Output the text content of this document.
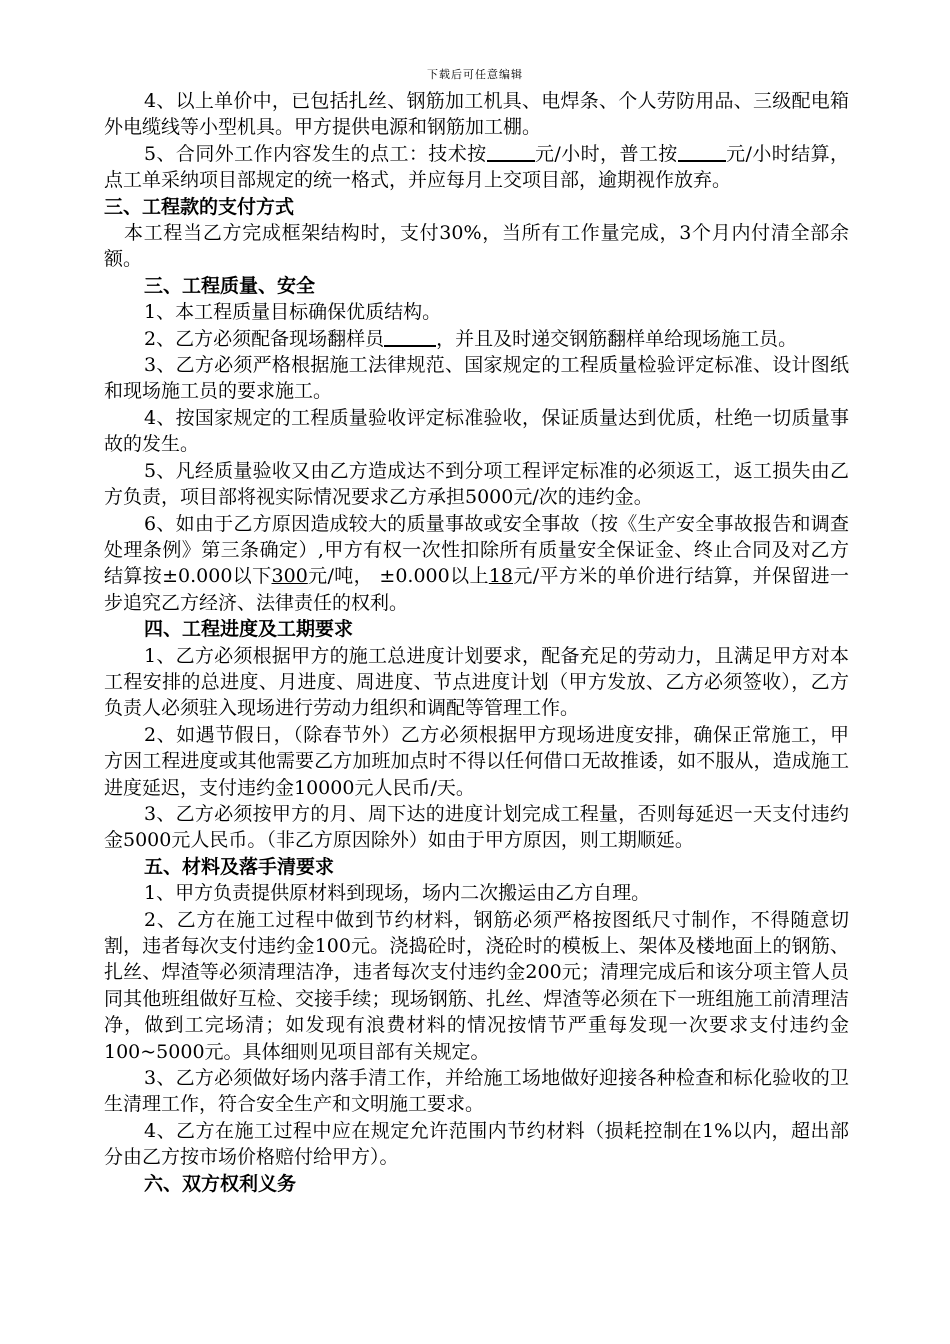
下载后可任意编辑

4、以上单价中，已包括扎丝、钢筋加工机具、电焊条、个人劳防用品、三级配电箱外电缆线等小型机具。甲方提供电源和钢筋加工棚。

5、合同外工作内容发生的点工：技术按	元/小时，普工按	元/小时结算，点工单采纳项目部规定的统一格式，并应每月上交项目部，逾期视作放弃。

三、工程款的支付方式

本工程当乙方完成框架结构时，支付30%，当所有工作量完成，3个月内付清全部余额。

三、工程质量、安全

1、本工程质量目标确保优质结构。

2、乙方必须配备现场翻样员	，并且及时递交钢筋翻样单给现场施工员。

3、乙方必须严格根据施工法律规范、国家规定的工程质量检验评定标准、设计图纸和现场施工员的要求施工。

4、按国家规定的工程质量验收评定标准验收，保证质量达到优质，杜绝一切质量事故的发生。

5、凡经质量验收又由乙方造成达不到分项工程评定标准的必须返工，返工损失由乙方负责，项目部将视实际情况要求乙方承担5000元/次的违约金。

6、如由于乙方原因造成较大的质量事故或安全事故（按《生产安全事故报告和调查处理条例》第三条确定）,甲方有权一次性扣除所有质量安全保证金、终止合同及对乙方结算按±0.000以下300元/吨， ±0.000以上18元/平方米的单价进行结算，并保留进一步追究乙方经济、法律责任的权利。

四、工程进度及工期要求

1、乙方必须根据甲方的施工总进度计划要求，配备充足的劳动力，且满足甲方对本工程安排的总进度、月进度、周进度、节点进度计划（甲方发放、乙方必须签收），乙方负责人必须驻入现场进行劳动力组织和调配等管理工作。

2、如遇节假日，（除春节外）乙方必须根据甲方现场进度安排，确保正常施工，甲方因工程进度或其他需要乙方加班加点时不得以任何借口无故推诿，如不服从，造成施工进度延迟，支付违约金10000元人民币/天。

3、乙方必须按甲方的月、周下达的进度计划完成工程量，否则每延迟一天支付违约金5000元人民币。（非乙方原因除外）如由于甲方原因，则工期顺延。

五、材料及落手清要求

1、甲方负责提供原材料到现场，场内二次搬运由乙方自理。

2、乙方在施工过程中做到节约材料，钢筋必须严格按图纸尺寸制作，不得随意切割，违者每次支付违约金100元。浇捣砼时，浇砼时的模板上、架体及楼地面上的钢筋、扎丝、焊渣等必须清理洁净，违者每次支付违约金200元；清理完成后和该分项主管人员同其他班组做好互检、交接手续；现场钢筋、扎丝、焊渣等必须在下一班组施工前清理洁净，做到工完场清；如发现有浪费材料的情况按情节严重每发现一次要求支付违约金100~5000元。具体细则见项目部有关规定。

3、乙方必须做好场内落手清工作，并给施工场地做好迎接各种检查和标化验收的卫生清理工作，符合安全生产和文明施工要求。

4、乙方在施工过程中应在规定允许范围内节约材料（损耗控制在1%以内，超出部分由乙方按市场价格赔付给甲方）。

六、双方权利义务
